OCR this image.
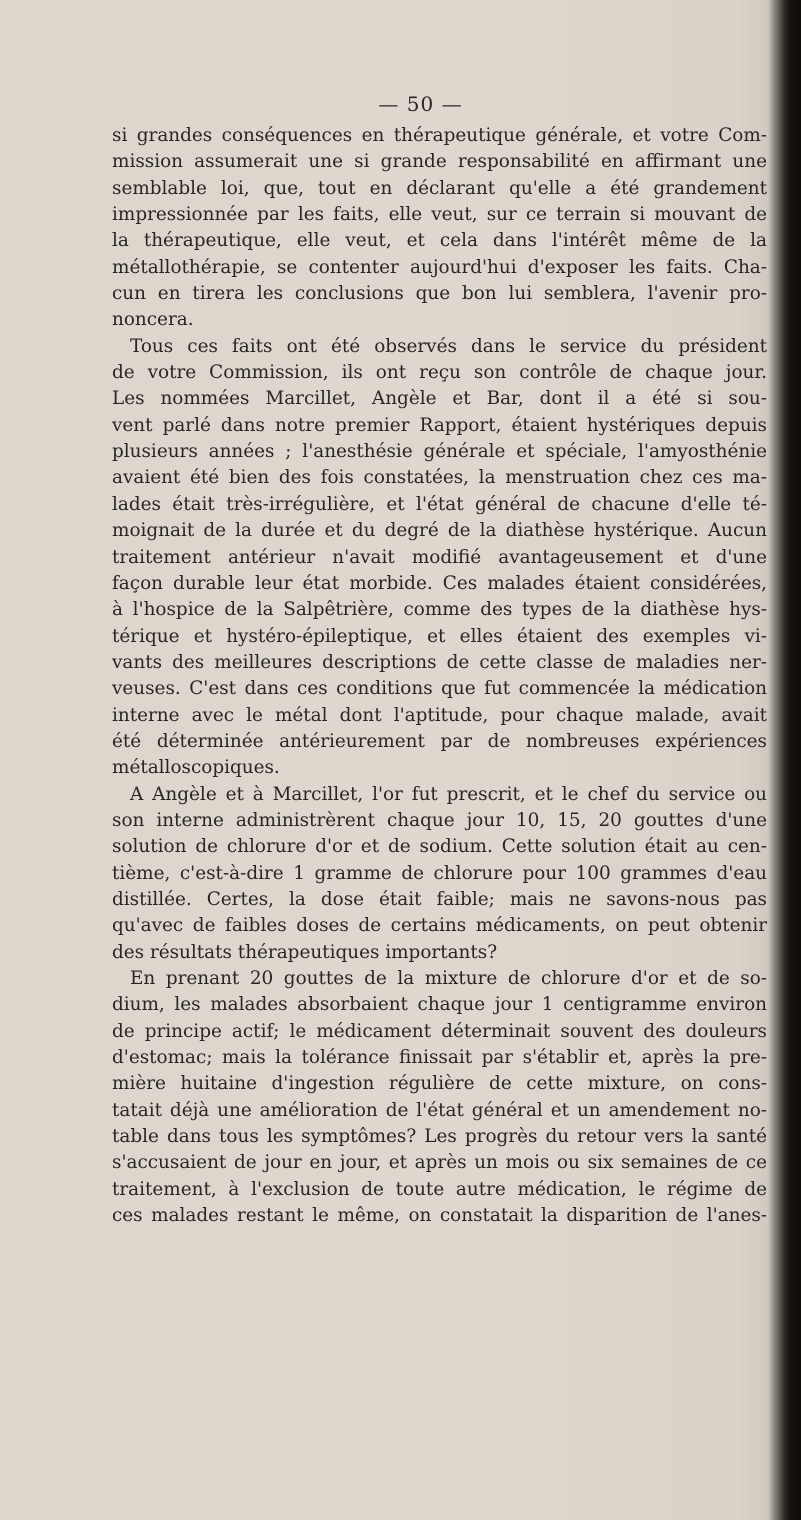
— 50 —
si grandes conséquences en thérapeutique générale, et votre Com-
mission assumerait une si grande responsabilité en affirmant une
semblable loi, que, tout en déclarant qu'elle a été grandement
impressionnée par les faits, elle veut, sur ce terrain si mouvant de
la thérapeutique, elle veut, et cela dans l'intérêt même de la
métallothérapie, se contenter aujourd'hui d'exposer les faits. Cha-
cun en tirera les conclusions que bon lui semblera, l'avenir pro-
noncera.
Tous ces faits ont été observés dans le service du président
de votre Commission, ils ont reçu son contrôle de chaque jour.
Les nommées Marcillet, Angèle et Bar, dont il a été si sou-
vent parlé dans notre premier Rapport, étaient hystériques depuis
plusieurs années ; l'anesthésie générale et spéciale, l'amyosthénie
avaient été bien des fois constatées, la menstruation chez ces ma-
lades était très-irrégulière, et l'état général de chacune d'elle té-
moignait de la durée et du degré de la diathèse hystérique. Aucun
traitement antérieur n'avait modifié avantageusement et d'une
façon durable leur état morbide. Ces malades étaient considérées,
à l'hospice de la Salpêtrière, comme des types de la diathèse hys-
térique et hystéro-épileptique, et elles étaient des exemples vi-
vants des meilleures descriptions de cette classe de maladies ner-
veuses. C'est dans ces conditions que fut commencée la médication
interne avec le métal dont l'aptitude, pour chaque malade, avait
été déterminée antérieurement par de nombreuses expériences
métalloscopiques.
A Angèle et à Marcillet, l'or fut prescrit, et le chef du service ou
son interne administrèrent chaque jour 10, 15, 20 gouttes d'une
solution de chlorure d'or et de sodium. Cette solution était au cen-
tième, c'est-à-dire 1 gramme de chlorure pour 100 grammes d'eau
distillée. Certes, la dose était faible; mais ne savons-nous pas
qu'avec de faibles doses de certains médicaments, on peut obtenir
des résultats thérapeutiques importants?
En prenant 20 gouttes de la mixture de chlorure d'or et de so-
dium, les malades absorbaient chaque jour 1 centigramme environ
de principe actif; le médicament déterminait souvent des douleurs
d'estomac; mais la tolérance finissait par s'établir et, après la pre-
mière huitaine d'ingestion régulière de cette mixture, on cons-
tatait déjà une amélioration de l'état général et un amendement no-
table dans tous les symptômes? Les progrès du retour vers la santé
s'accusaient de jour en jour, et après un mois ou six semaines de ce
traitement, à l'exclusion de toute autre médication, le régime de
ces malades restant le même, on constatait la disparition de l'anes-
